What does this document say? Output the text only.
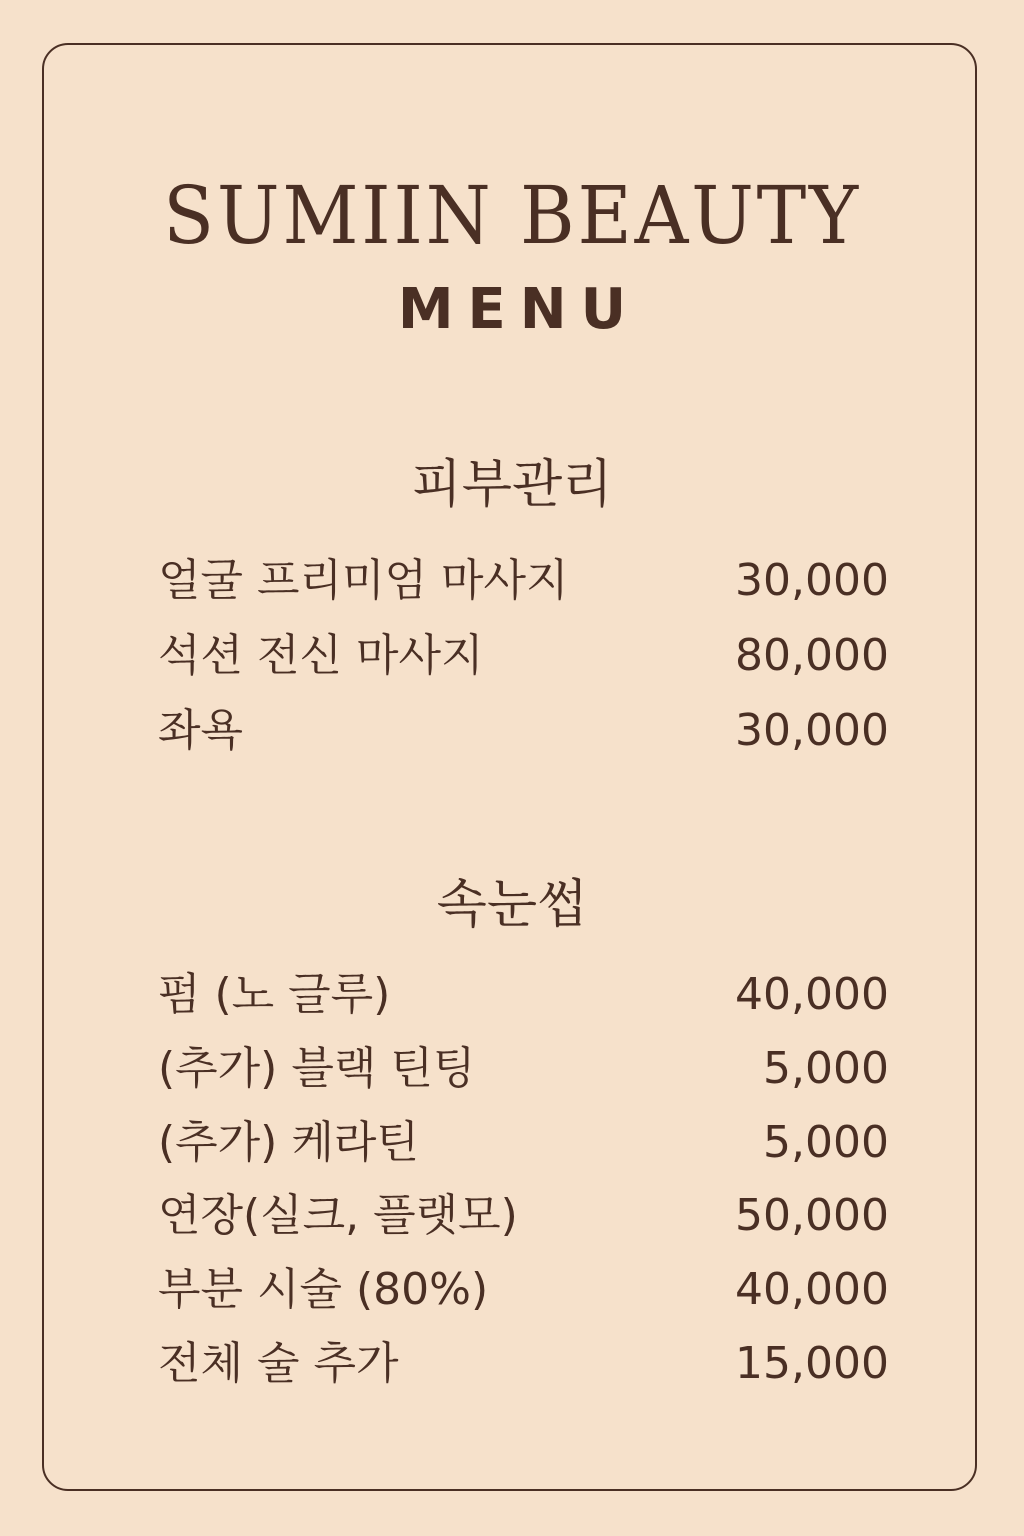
SUMIIN BEAUTY
MENU
피부관리
얼굴 프리미엄 마사지	30,000
석션 전신 마사지	80,000
좌욕	30,000
속눈썹
펌 (노 글루)	40,000
(추가) 블랙 틴팅	5,000
(추가) 케라틴	5,000
연장(실크, 플랫모)	50,000
부분 시술 (80%)	40,000
전체 술 추가	15,000
